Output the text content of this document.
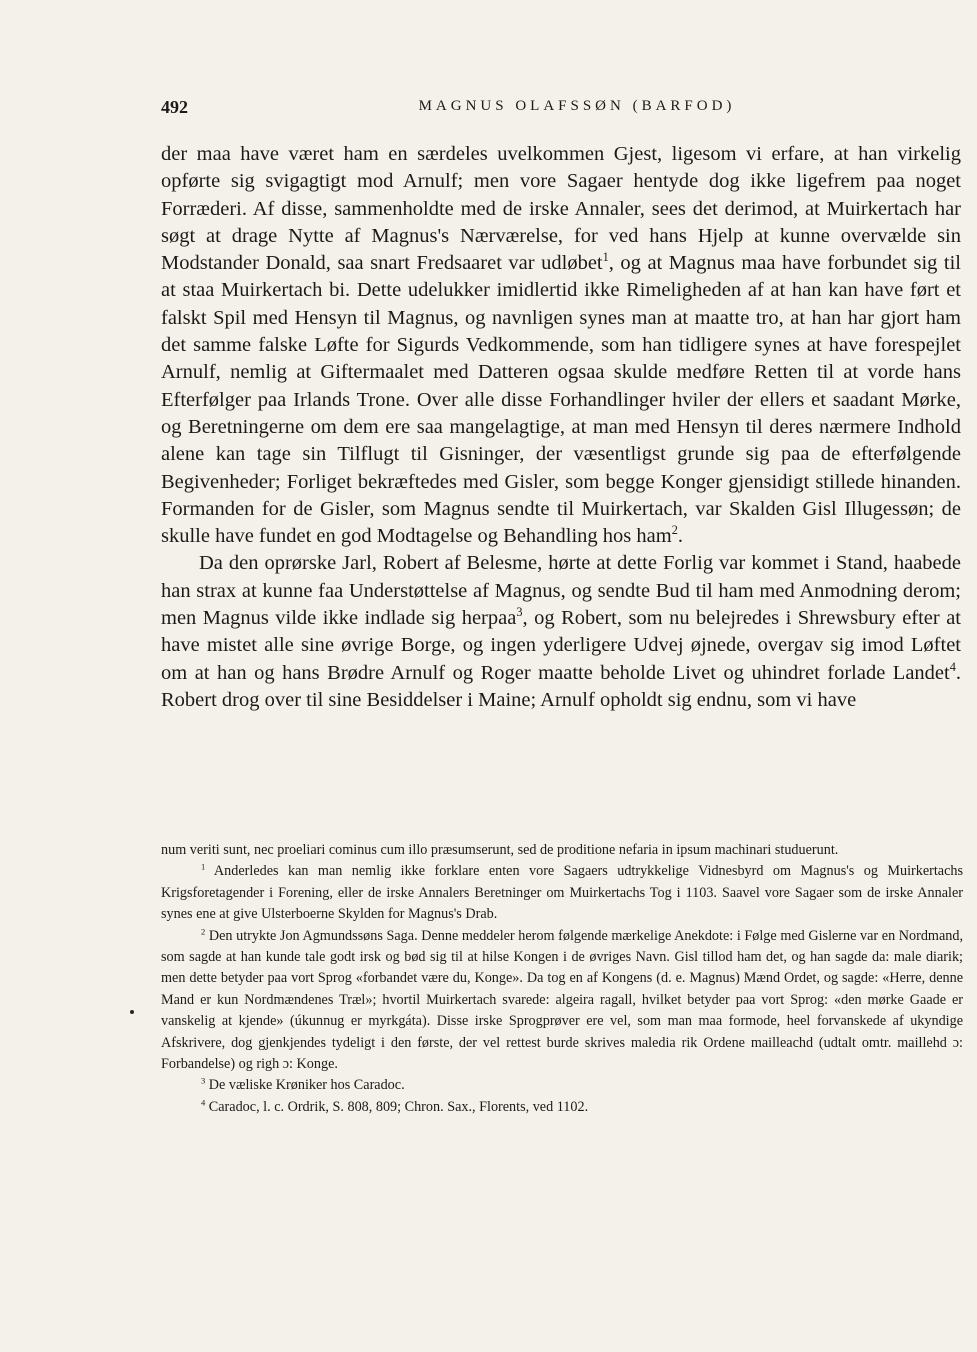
492	MAGNUS OLAFSSØN (BARFOD)

der maa have været ham en særdeles uvelkommen Gjest, ligesom vi erfare, at han virkelig opførte sig svigagtigt mod Arnulf; men vore Sagaer hentyde dog ikke ligefrem paa noget Forræderi. Af disse, sammenholdte med de irske Annaler, sees det derimod, at Muirkertach har søgt at drage Nytte af Magnus's Nærværelse, for ved hans Hjelp at kunne overvælde sin Modstander Donald, saa snart Fredsaaret var udløbet$^1$, og at Magnus maa have forbundet sig til at staa Muirkertach bi. Dette udelukker imidlertid ikke Rimeligheden af at han kan have ført et falskt Spil med Hensyn til Magnus, og navnligen synes man at maatte tro, at han har gjort ham det samme falske Løfte for Sigurds Vedkommende, som han tidligere synes at have forespejlet Arnulf, nemlig at Giftermaalet med Datteren ogsaa skulde medføre Retten til at vorde hans Efterfølger paa Irlands Trone. Over alle disse Forhandlinger hviler der ellers et saadant Mørke, og Beretningerne om dem ere saa mangelagtige, at man med Hensyn til deres nærmere Indhold alene kan tage sin Tilflugt til Gisninger, der væsentligst grunde sig paa de efterfølgende Begivenheder; Forliget bekræftedes med Gisler, som begge Konger gjensidigt stillede hinanden. Formanden for de Gisler, som Magnus sendte til Muirkertach, var Skalden Gisl Illugessøn; de skulle have fundet en god Modtagelse og Behandling hos ham$^2$.

Da den oprørske Jarl, Robert af Belesme, hørte at dette Forlig var kommet i Stand, haabede han strax at kunne faa Understøttelse af Magnus, og sendte Bud til ham med Anmodning derom; men Magnus vilde ikke indlade sig herpaa$^3$, og Robert, som nu belejredes i Shrewsbury efter at have mistet alle sine øvrige Borge, og ingen yderligere Udvej øjnede, overgav sig imod Løftet om at han og hans Brødre Arnulf og Roger maatte beholde Livet og uhindret forlade Landet$^4$. Robert drog over til sine Besiddelser i Maine; Arnulf opholdt sig endnu, som vi have

num veriti sunt, nec proeliari cominus cum illo præsumserunt, sed de proditione nefaria in ipsum machinari studuerunt.

$^1$ Anderledes kan man nemlig ikke forklare enten vore Sagaers udtrykkelige Vidnesbyrd om Magnus's og Muirkertachs Krigsforetagender i Forening, eller de irske Annalers Beretninger om Muirkertachs Tog i 1103. Saavel vore Sagaer som de irske Annaler synes ene at give Ulsterboerne Skylden for Magnus's Drab.

$^2$ Den utrykte Jon Agmundssøns Saga. Denne meddeler herom følgende mærkelige Anekdote: i Følge med Gislerne var en Nordmand, som sagde at han kunde tale godt irsk og bød sig til at hilse Kongen i de øvriges Navn. Gisl tillod ham det, og han sagde da: male diarik; men dette betyder paa vort Sprog «forbandet være du, Konge». Da tog en af Kongens (d. e. Magnus) Mænd Ordet, og sagde: «Herre, denne Mand er kun Nordmændenes Træl»; hvortil Muirkertach svarede: algeira ragall, hvilket betyder paa vort Sprog: «den mørke Gaade er vanskelig at kjende» (úkunnug er myrkgáta). Disse irske Sprogprøver ere vel, som man maa formode, heel forvanskede af ukyndige Afskrivere, dog gjenkjendes tydeligt i den første, der vel rettest burde skrives maledia rik Ordene mailleachd (udtalt omtr. maillehd ɔ: Forbandelse) og righ ɔ: Konge.

$^3$ De væliske Krøniker hos Caradoc.

$^4$ Caradoc, l. c. Ordrik, S. 808, 809; Chron. Sax., Florents, ved 1102.
